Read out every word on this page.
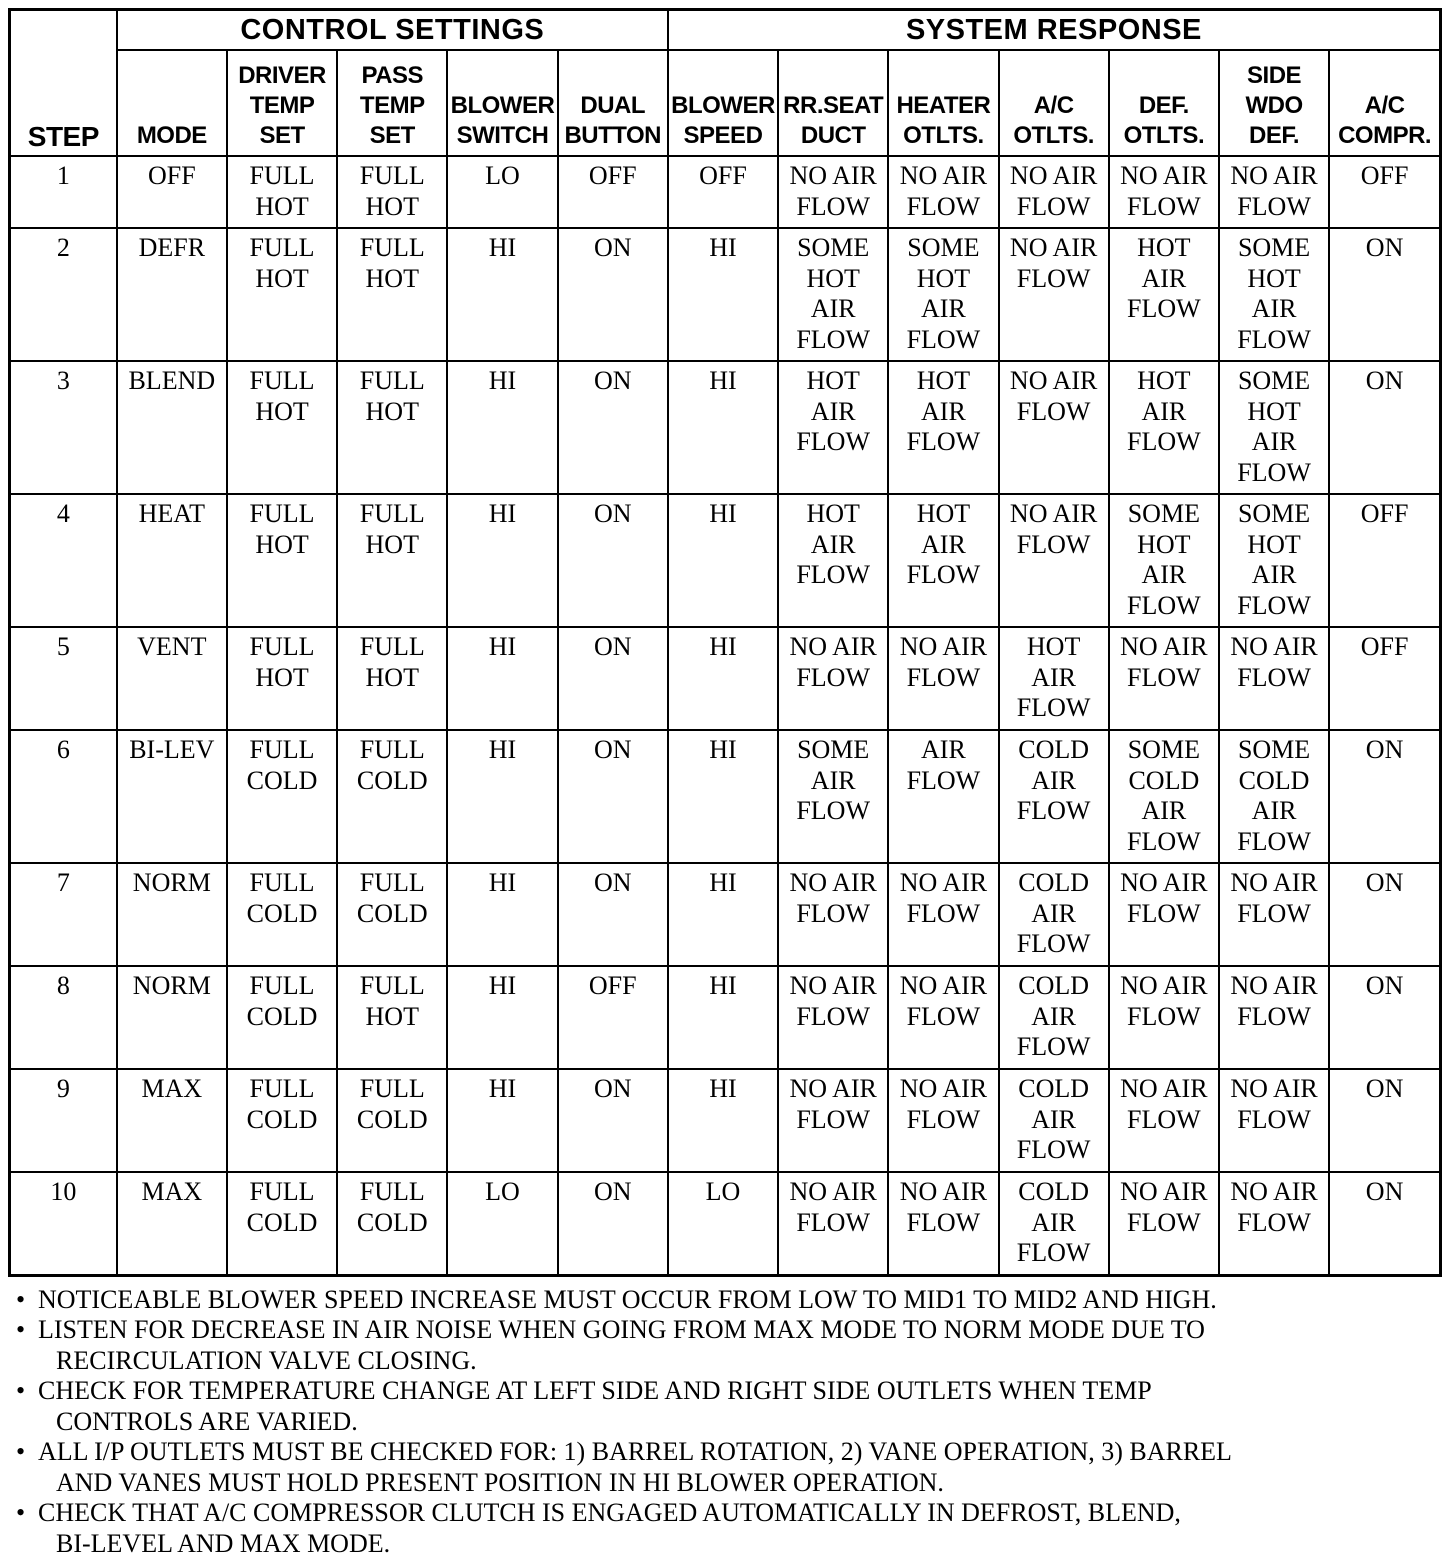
STEP	CONTROL SETTINGS					SYSTEM RESPONSE						

	MODE	DRIVER
TEMP
SET	PASS
TEMP
SET	BLOWER
SWITCH	DUAL
BUTTON	BLOWER
SPEED	RR.SEAT
DUCT	HEATER
OTLTS.	A/C
OTLTS.	DEF.
OTLTS.	SIDE
WDO
DEF.	A/C
COMPR.

1	OFF	FULL
HOT	FULL
HOT	LO	OFF	OFF	NO AIR
FLOW	NO AIR
FLOW	NO AIR
FLOW	NO AIR
FLOW	NO AIR
FLOW	OFF

2	DEFR	FULL
HOT	FULL
HOT	HI	ON	HI	SOME
HOT
AIR
FLOW	SOME
HOT
AIR
FLOW	NO AIR
FLOW	HOT
AIR
FLOW	SOME
HOT
AIR
FLOW	ON

3	BLEND	FULL
HOT	FULL
HOT	HI	ON	HI	HOT
AIR
FLOW	HOT
AIR
FLOW	NO AIR
FLOW	HOT
AIR
FLOW	SOME
HOT
AIR
FLOW	ON

4	HEAT	FULL
HOT	FULL
HOT	HI	ON	HI	HOT
AIR
FLOW	HOT
AIR
FLOW	NO AIR
FLOW	SOME
HOT
AIR
FLOW	SOME
HOT
AIR
FLOW	OFF

5	VENT	FULL
HOT	FULL
HOT	HI	ON	HI	NO AIR
FLOW	NO AIR
FLOW	HOT
AIR
FLOW	NO AIR
FLOW	NO AIR
FLOW	OFF

6	BI-LEV	FULL
COLD	FULL
COLD	HI	ON	HI	SOME
AIR
FLOW	AIR
FLOW	COLD
AIR
FLOW	SOME
COLD
AIR
FLOW	SOME
COLD
AIR
FLOW	ON

7	NORM	FULL
COLD	FULL
COLD	HI	ON	HI	NO AIR
FLOW	NO AIR
FLOW	COLD
AIR
FLOW	NO AIR
FLOW	NO AIR
FLOW	ON

8	NORM	FULL
COLD	FULL
HOT	HI	OFF	HI	NO AIR
FLOW	NO AIR
FLOW	COLD
AIR
FLOW	NO AIR
FLOW	NO AIR
FLOW	ON

9	MAX	FULL
COLD	FULL
COLD	HI	ON	HI	NO AIR
FLOW	NO AIR
FLOW	COLD
AIR
FLOW	NO AIR
FLOW	NO AIR
FLOW	ON

10	MAX	FULL
COLD	FULL
COLD	LO	ON	LO	NO AIR
FLOW	NO AIR
FLOW	COLD
AIR
FLOW	NO AIR
FLOW	NO AIR
FLOW	ON
• NOTICEABLE BLOWER SPEED INCREASE MUST OCCUR FROM LOW TO MID1 TO MID2 AND HIGH.
• LISTEN FOR DECREASE IN AIR NOISE WHEN GOING FROM MAX MODE TO NORM MODE DUE TO
RECIRCULATION VALVE CLOSING.
• CHECK FOR TEMPERATURE CHANGE AT LEFT SIDE AND RIGHT SIDE OUTLETS WHEN TEMP
CONTROLS ARE VARIED.
• ALL I/P OUTLETS MUST BE CHECKED FOR: 1) BARREL ROTATION, 2) VANE OPERATION, 3) BARREL
AND VANES MUST HOLD PRESENT POSITION IN HI BLOWER OPERATION.
• CHECK THAT A/C COMPRESSOR CLUTCH IS ENGAGED AUTOMATICALLY IN DEFROST, BLEND,
BI-LEVEL AND MAX MODE.
